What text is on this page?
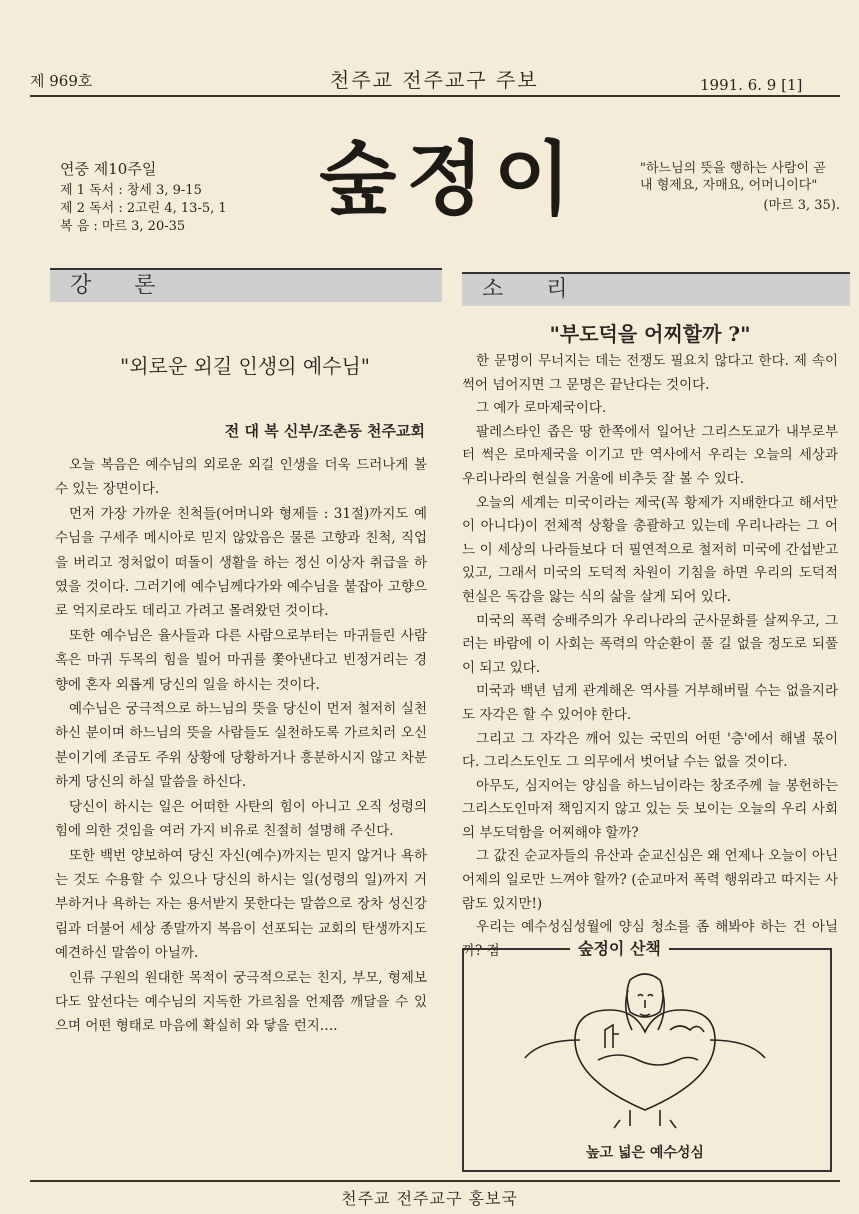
제 969호	천주교 전주교구 주보	1991. 6. 9 [1]
연중 제10주일
제 1 독서 : 창세 3, 9-15
제 2 독서 : 2고린 4, 13-5, 1
복 음 : 마르 3, 20-35
숲정이	"하느님의 뜻을 행하는 사람이 곧 내 형제요, 자매요, 어머니이다"
(마르 3, 35).
강 론
"외로운 외길 인생의 예수님"
전 대 복 신부/조촌동 천주교회

오늘 복음은 예수님의 외로운 외길 인생을 더욱 드러나게 볼 수 있는 장면이다.

먼저 가장 가까운 친척들(어머니와 형제들 : 31절)까지도 예수님을 구세주 메시아로 믿지 않았음은 물론 고향과 친척, 직업을 버리고 정처없이 떠돌이 생활을 하는 정신 이상자 취급을 하였을 것이다. 그러기에 예수님께다가와 예수님을 붙잡아 고향으로 억지로라도 데리고 가려고 몰려왔던 것이다.

또한 예수님은 율사들과 다른 사람으로부터는 마귀들린 사람 혹은 마귀 두목의 힘을 빌어 마귀를 쫓아낸다고 빈정거리는 경향에 혼자 외롭게 당신의 일을 하시는 것이다.

예수님은 궁극적으로 하느님의 뜻을 당신이 먼저 철저히 실천하신 분이며 하느님의 뜻을 사람들도 실천하도록 가르치러 오신 분이기에 조금도 주위 상황에 당황하거나 흥분하시지 않고 차분하게 당신의 하실 말씀을 하신다.

당신이 하시는 일은 어떠한 사탄의 힘이 아니고 오직 성령의 힘에 의한 것임을 여러 가지 비유로 친절히 설명해 주신다.

또한 백번 양보하여 당신 자신(예수)까지는 믿지 않거나 욕하는 것도 수용할 수 있으나 당신의 하시는 일(성령의 일)까지 거부하거나 욕하는 자는 용서받지 못한다는 말씀으로 장차 성신강림과 더불어 세상 종말까지 복음이 선포되는 교회의 탄생까지도 예견하신 말씀이 아닐까.

인류 구원의 원대한 목적이 궁극적으로는 친지, 부모, 형제보다도 앞선다는 예수님의 지독한 가르침을 언제쯤 깨달을 수 있으며 어떤 형태로 마음에 확실히 와 닿을 런지….

소 리
"부도덕을 어찌할까 ?"

한 문명이 무너지는 데는 전쟁도 필요치 않다고 한다. 제 속이 썩어 넘어지면 그 문명은 끝난다는 것이다.

그 예가 로마제국이다.

팔레스타인 좁은 땅 한쪽에서 일어난 그리스도교가 내부로부터 썩은 로마제국을 이기고 만 역사에서 우리는 오늘의 세상과 우리나라의 현실을 거울에 비추듯 잘 볼 수 있다.

오늘의 세계는 미국이라는 제국(꼭 황제가 지배한다고 해서만이 아니다)이 전체적 상황을 총괄하고 있는데 우리나라는 그 어느 이 세상의 나라들보다 더 필연적으로 철저히 미국에 간섭받고 있고, 그래서 미국의 도덕적 차원이 기침을 하면 우리의 도덕적 현실은 독감을 앓는 식의 삶을 살게 되어 있다.

미국의 폭력 숭배주의가 우리나라의 군사문화를 살찌우고, 그러는 바람에 이 사회는 폭력의 악순환이 풀 길 없을 정도로 되풀이 되고 있다.

미국과 백년 넘게 관계해온 역사를 거부해버릴 수는 없을지라도 자각은 할 수 있어야 한다.

그리고 그 자각은 깨어 있는 국민의 어떤 '층'에서 해낼 몫이다. 그리스도인도 그 의무에서 벗어날 수는 없을 것이다.

아무도, 심지어는 양심을 하느님이라는 창조주께 늘 봉헌하는 그리스도인마저 책임지지 않고 있는 듯 보이는 오늘의 우리 사회의 부도덕함을 어찌해야 할까?

그 값진 순교자들의 유산과 순교신심은 왜 언제나 오늘이 아닌 어제의 일로만 느껴야 할까? (순교마저 폭력 행위라고 따지는 사람도 있지만!)

우리는 예수성심성월에 양심 청소를 좀 해봐야 하는 건 아닐까? 점	숲정이 산책
높고 넓은 예수성심
천주교 전주교구 홍보국
